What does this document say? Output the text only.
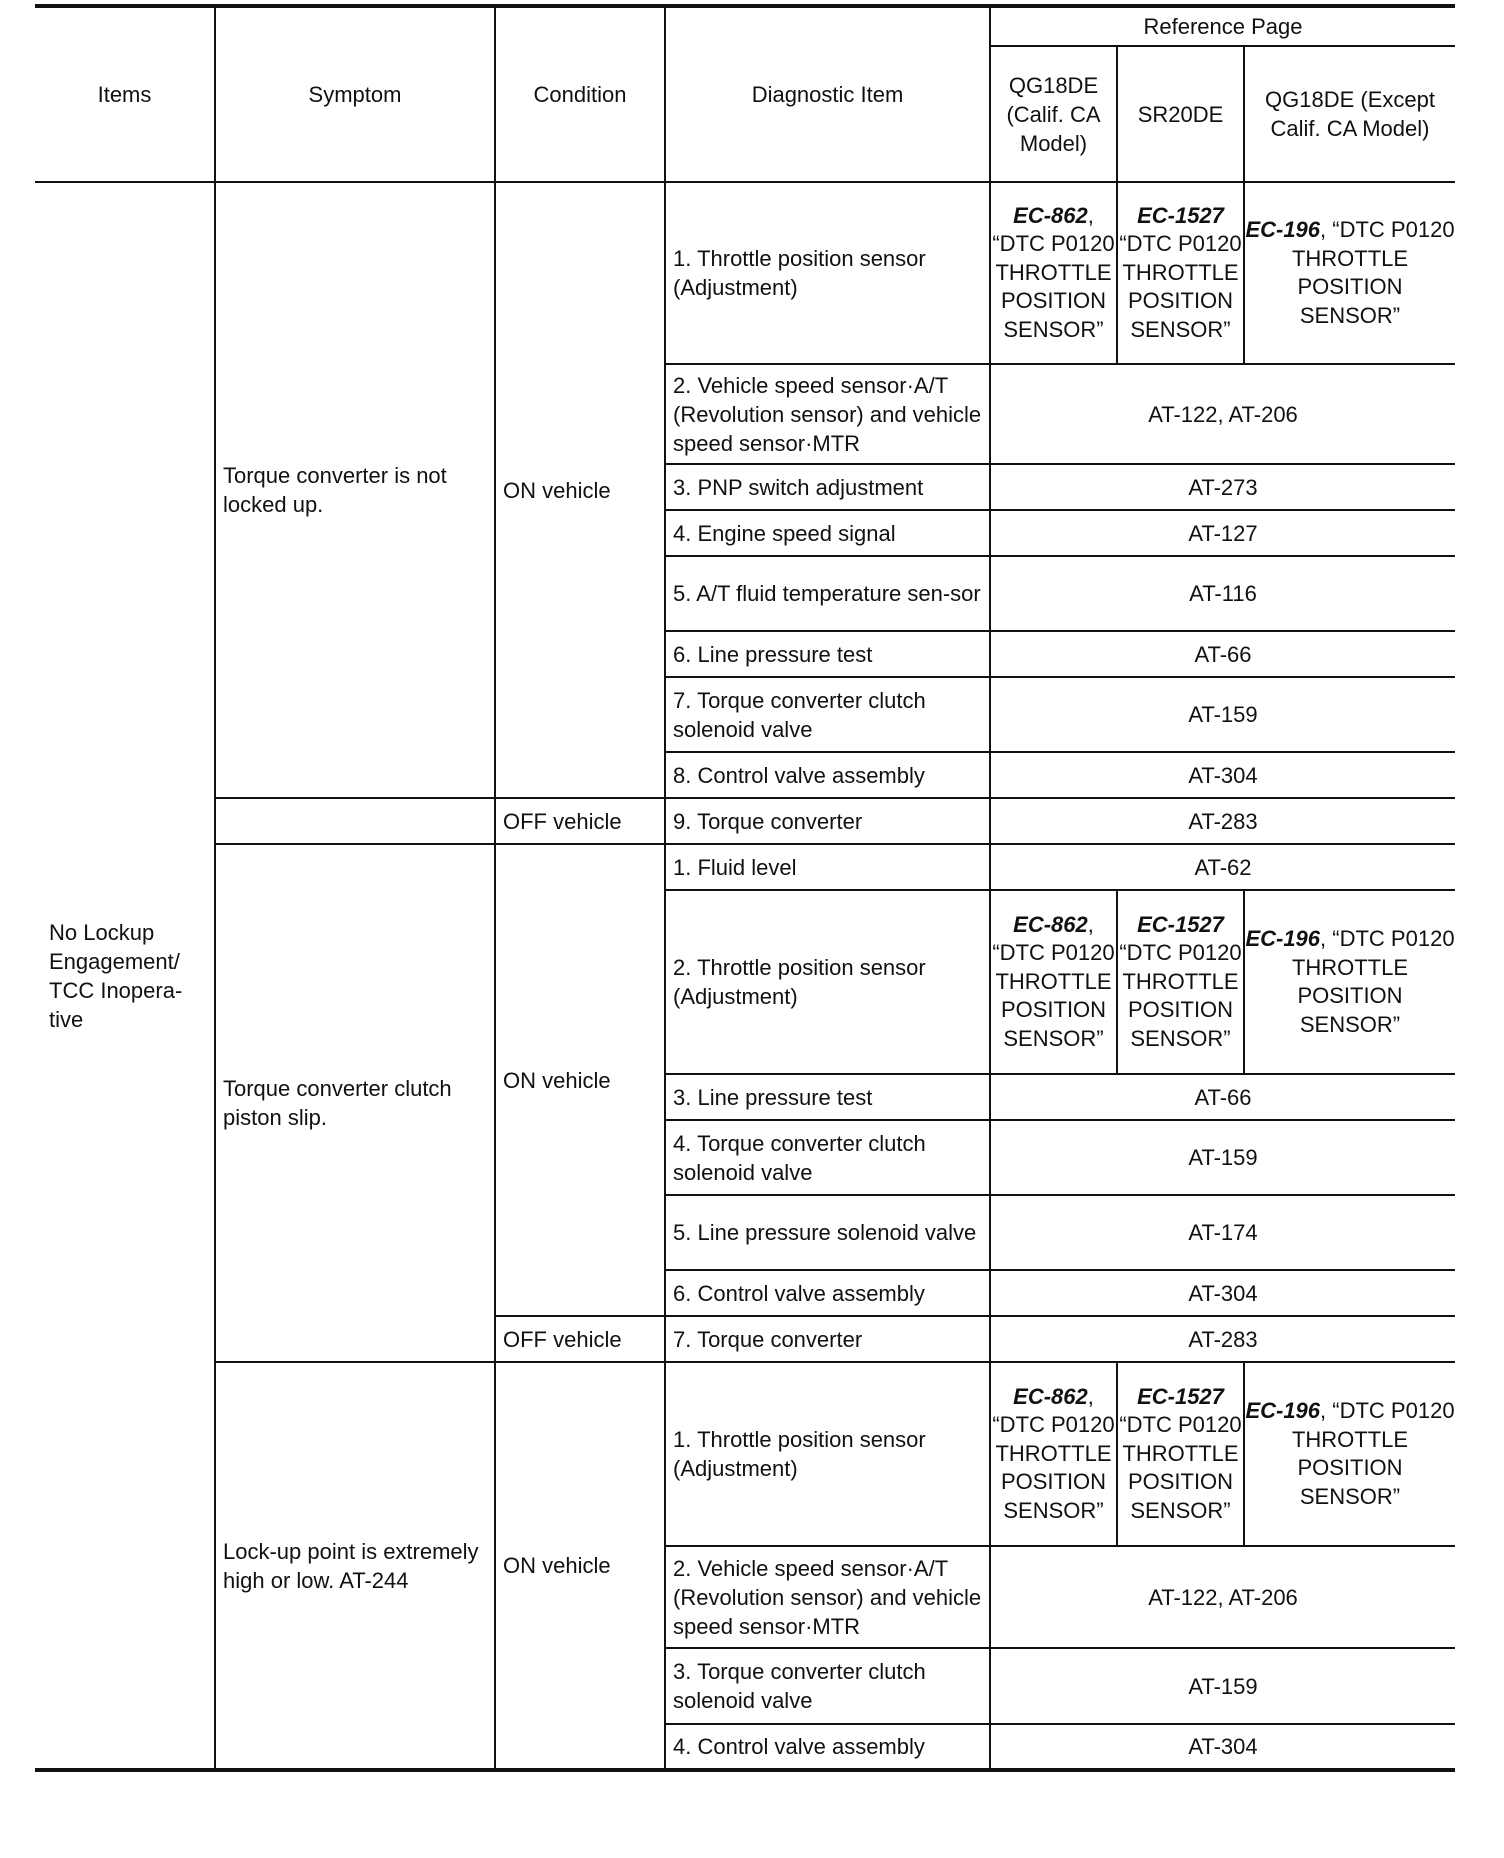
Items	Symptom	Condition	Diagnostic Item	Reference Page		
				QG18DE (Calif. CA Model)	SR20DE	QG18DE (Except Calif. CA Model)
No Lockup Engagement/ TCC Inopera-tive	Torque converter is not locked up.	ON vehicle	1. Throttle position sensor (Adjustment)	EC-862, “DTC P0120 THROTTLE POSITION SENSOR”	EC-1527 “DTC P0120 THROTTLE POSITION SENSOR”	EC-196, “DTC P0120 THROTTLE POSITION SENSOR”
			2. Vehicle speed sensor·A/T (Revolution sensor) and vehicle speed sensor·MTR	AT-122, AT-206		
			3. PNP switch adjustment	AT-273		
			4. Engine speed signal	AT-127		
			5. A/T fluid temperature sen-sor	AT-116		
			6. Line pressure test	AT-66		
			7. Torque converter clutch solenoid valve	AT-159		
			8. Control valve assembly	AT-304		
		OFF vehicle	9. Torque converter	AT-283		
	Torque converter clutch piston slip.	ON vehicle	1. Fluid level	AT-62		
			2. Throttle position sensor (Adjustment)	EC-862, “DTC P0120 THROTTLE POSITION SENSOR”	EC-1527 “DTC P0120 THROTTLE POSITION SENSOR”	EC-196, “DTC P0120 THROTTLE POSITION SENSOR”
			3. Line pressure test	AT-66		
			4. Torque converter clutch solenoid valve	AT-159		
			5. Line pressure solenoid valve	AT-174		
			6. Control valve assembly	AT-304		
		OFF vehicle	7. Torque converter	AT-283		
	Lock-up point is extremely high or low. AT-244	ON vehicle	1. Throttle position sensor (Adjustment)	EC-862, “DTC P0120 THROTTLE POSITION SENSOR”	EC-1527 “DTC P0120 THROTTLE POSITION SENSOR”	EC-196, “DTC P0120 THROTTLE POSITION SENSOR”
			2. Vehicle speed sensor·A/T (Revolution sensor) and vehicle speed sensor·MTR	AT-122, AT-206		
			3. Torque converter clutch solenoid valve	AT-159		
			4. Control valve assembly	AT-304		
